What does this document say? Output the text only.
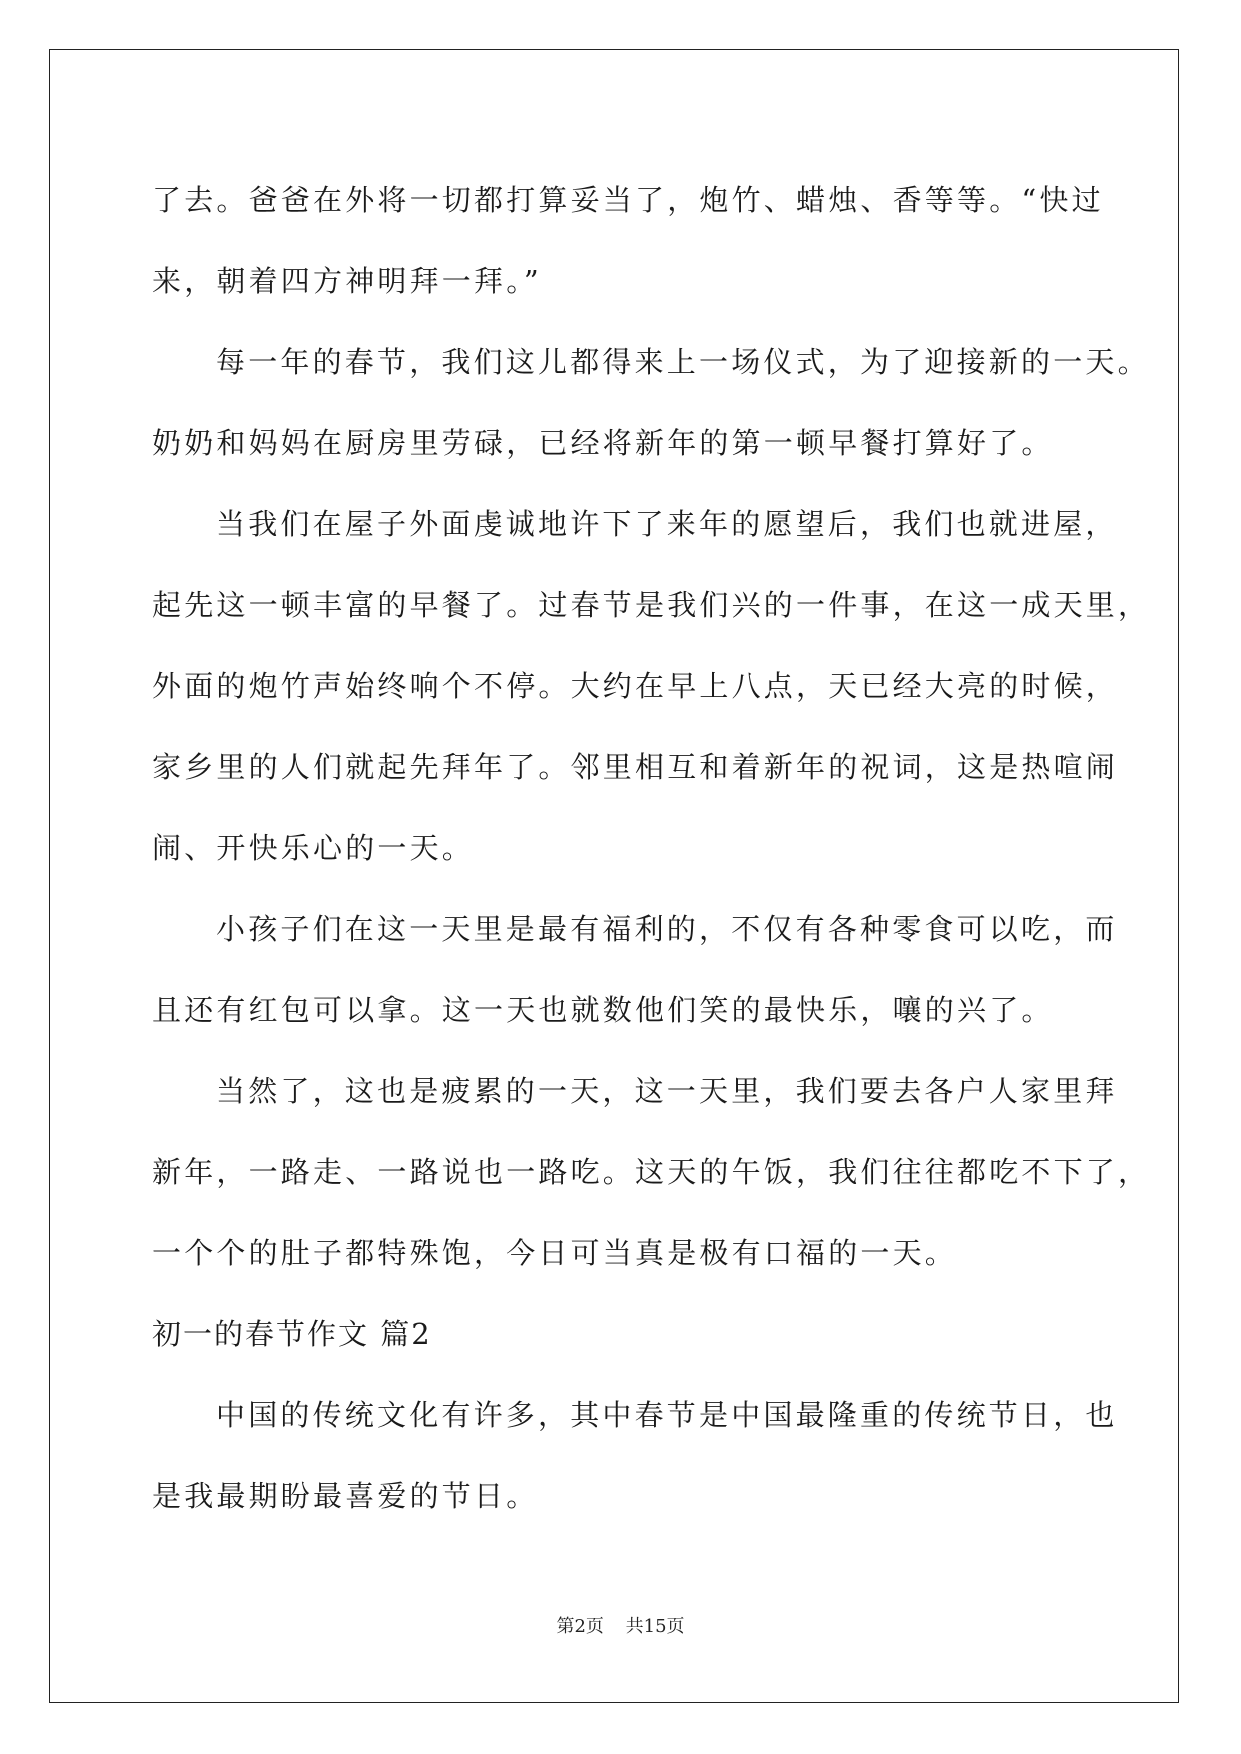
了去。爸爸在外将一切都打算妥当了，炮竹、蜡烛、香等等。“快过
来，朝着四方神明拜一拜。”

每一年的春节，我们这儿都得来上一场仪式，为了迎接新的一天。
奶奶和妈妈在厨房里劳碌，已经将新年的第一顿早餐打算好了。

当我们在屋子外面虔诚地许下了来年的愿望后，我们也就进屋，
起先这一顿丰富的早餐了。过春节是我们兴的一件事，在这一成天里，
外面的炮竹声始终响个不停。大约在早上八点，天已经大亮的时候，
家乡里的人们就起先拜年了。邻里相互和着新年的祝词，这是热喧闹
闹、开快乐心的一天。

小孩子们在这一天里是最有福利的，不仅有各种零食可以吃，而
且还有红包可以拿。这一天也就数他们笑的最快乐，嚷的兴了。

当然了，这也是疲累的一天，这一天里，我们要去各户人家里拜
新年，一路走、一路说也一路吃。这天的午饭，我们往往都吃不下了，
一个个的肚子都特殊饱，今日可当真是极有口福的一天。

初一的春节作文 篇2

中国的传统文化有许多，其中春节是中国最隆重的传统节日，也
是我最期盼最喜爱的节日。

第2页 共15页
